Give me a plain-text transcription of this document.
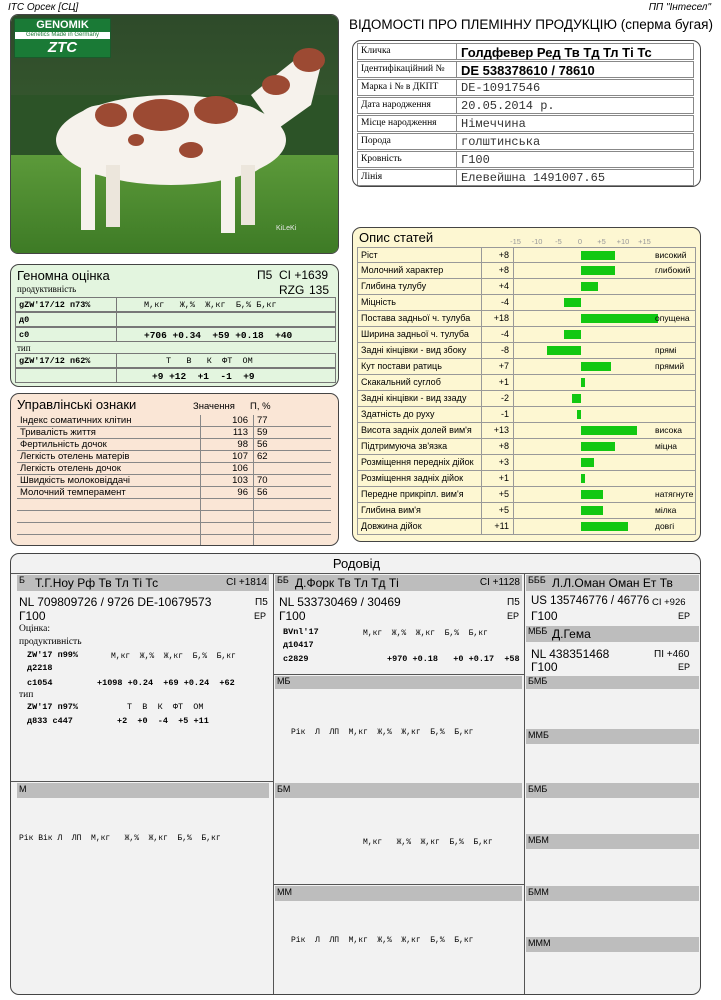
ІТС Орсек [СЦ]	ПП "Інтесел"
KiLeKi
GENOMIK
Genetics Made in Germany
ZTC
ВІДОМОСТІ ПРО ПЛЕМІННУ ПРОДУКЦІЮ (сперма бугая)
Кличка	Голдфевер Ред Тв Тд Тл Ті Тс
Ідентифікаційний №	DE 538378610 / 78610
Марка і № в ДКПТ	DE-10917546
Дата народження	20.05.2014 р.
Місце народження	Німеччина
Порода	голштинська
Кровність	Г100
Лінія	Елевейшна 1491007.65
Геномна оцінка	П5 CI +1639
продуктивність	RZG 135
gZW'17/12 п73%	М,кг   Ж,%  Ж,кг  Б,% Б,кг
д0
с0	+706 +0.34  +59 +0.18  +40
тип
gZW'17/12 п62%	Т   В   К  ФТ  ОМ
+9 +12  +1  -1  +9
Управлінські ознаки	Значення П, %
Індекс соматичних клітин	106 77
Тривалість життя	113 59
Фертильність дочок	98 56
Легкість отелень матерів	107 62
Легкість отелень дочок	106
Швидкість молоковіддачі	103 70
Молочний темперамент	96 56
Опис статей	-15	-10	-5	0	+5	+10	+15
Ріст	+8	високий
Молочний характер	+8	глибокий
Глибина тулубу	+4
Міцність	-4
Постава задньої ч. тулуба	+18	опущена
Ширина задньої ч. тулуба	-4
Задні кінцівки - вид збоку	-8	прямі
Кут постави ратиць	+7	прямий
Скакальний суглоб	+1
Задні кінцівки - вид ззаду	-2
Здатність до руху	-1
Висота задніх долей вим'я	+13	висока
Підтримуюча зв'язка	+8	міцна
Розміщення передніх дійок	+3
Розміщення задніх дійок	+1
Передне прикріпл. вим'я	+5	натягнуте
Глибина вим'я	+5	мілка
Довжина дійок	+11	довгі
Родовід
Б Т.Г.Ноу Рф Тв Тл Ті Тс	CI +1814
NL 709809726 / 9726 DE-10679573	П5
Г100	ЕР
Оцінка:
продуктивність
ZW'17 п99%	М,кг  Ж,%  Ж,кг  Б,%  Б,кг
д2218
с1054	+1098 +0.24  +69 +0.24  +62
тип
ZW'17 п97%	Т  В  К  ФТ  ОМ
д833 с447	+2  +0  -4  +5 +11
ББ Д.Форк Тв Тл Тд Ті	CI +1128
NL 533730469 / 30469	П5
Г100	ЕР
BVnl'17	М,кг  Ж,%  Ж,кг  Б,%  Б,кг
д10417
с2829	+970 +0.18   +0 +0.17  +58
БББ Л.Л.Оман Оман Ет Тв
US 135746776 / 46776 CI +926
Г100	ЕР
МББ Д.Гема
NL 438351468	ПІ +460
Г100	ЕР
МБ
Рік  Л  ЛП  М,кг  Ж,%  Ж,кг  Б,%  Б,кг
БМБ
ММБ
М
Рік Вік Л  ЛП  М,кг   Ж,%  Ж,кг  Б,%  Б,кг
БМ
М,кг   Ж,%  Ж,кг  Б,%  Б,кг
БМБ
МБМ
ММ
Рік  Л  ЛП  М,кг  Ж,%  Ж,кг  Б,%  Б,кг
БММ
МММ
